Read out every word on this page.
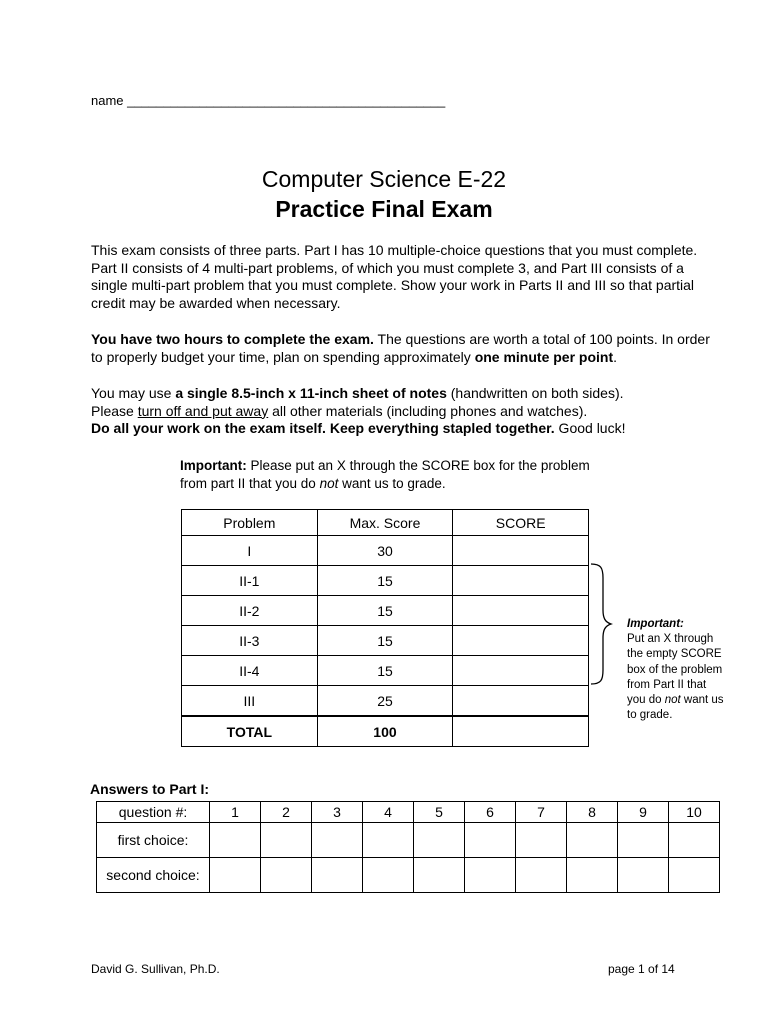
name ____________________________________________
Computer Science E-22
Practice Final Exam
This exam consists of three parts. Part I has 10 multiple-choice questions that you must complete. Part II consists of 4 multi-part problems, of which you must complete 3, and Part III consists of a single multi-part problem that you must complete. Show your work in Parts II and III so that partial credit may be awarded when necessary.
You have two hours to complete the exam. The questions are worth a total of 100 points. In order to properly budget your time, plan on spending approximately one minute per point.
You may use a single 8.5-inch x 11-inch sheet of notes (handwritten on both sides).
Please turn off and put away all other materials (including phones and watches).
Do all your work on the exam itself. Keep everything stapled together. Good luck!
Important: Please put an X through the SCORE box for the problem from part II that you do not want us to grade.
Problem	Max. Score	SCORE
I	30	
II-1	15	
II-2	15	
II-3	15	
II-4	15	
III	25	
TOTAL	100	
Important:
Put an X through the empty SCORE box of the problem from Part II that you do not want us to grade.
Answers to Part I:
question #:	1	2	3	4	5	6	7	8	9	10
first choice:										
second choice:										
David G. Sullivan, Ph.D.	page 1 of 14
